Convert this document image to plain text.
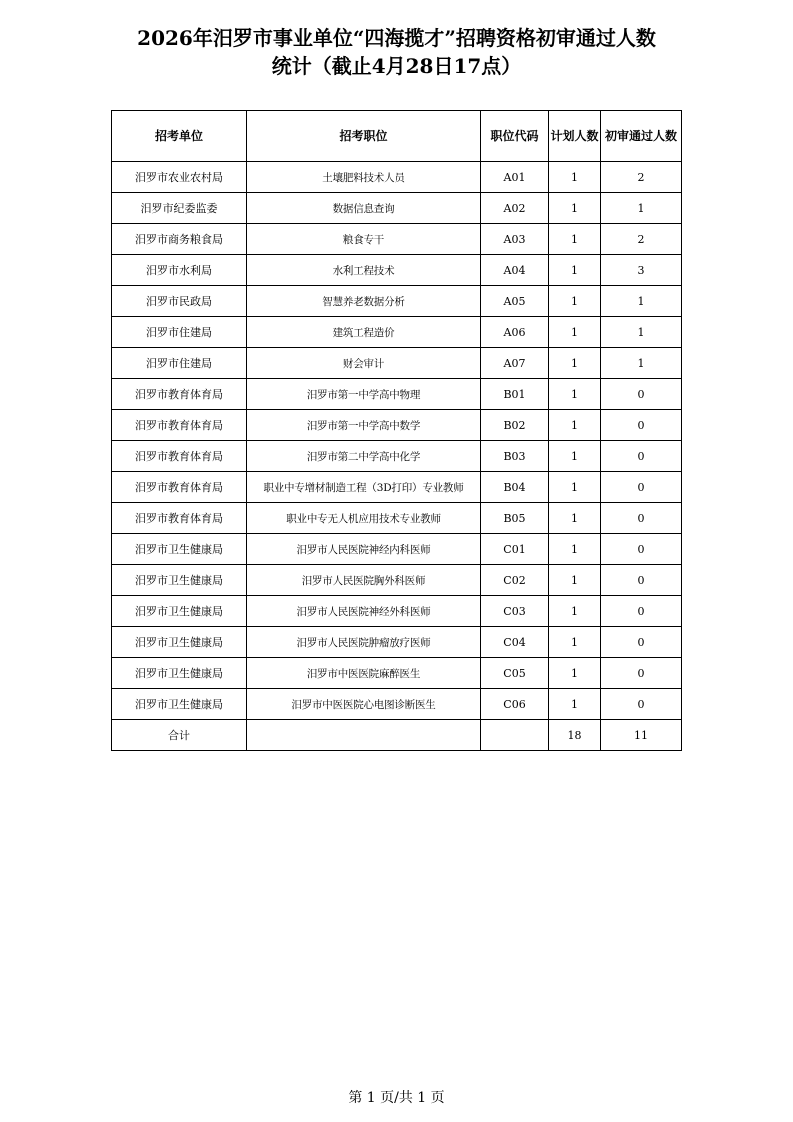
2026年汨罗市事业单位“四海揽才”招聘资格初审通过人数
统计（截止4月28日17点）
招考单位	招考职位	职位代码	计划人数	初审通过人数
汨罗市农业农村局	土壤肥料技术人员	A01	1	2
汨罗市纪委监委	数据信息查询	A02	1	1
汨罗市商务粮食局	粮食专干	A03	1	2
汨罗市水利局	水利工程技术	A04	1	3
汨罗市民政局	智慧养老数据分析	A05	1	1
汨罗市住建局	建筑工程造价	A06	1	1
汨罗市住建局	财会审计	A07	1	1
汨罗市教育体育局	汨罗市第一中学高中物理	B01	1	0
汨罗市教育体育局	汨罗市第一中学高中数学	B02	1	0
汨罗市教育体育局	汨罗市第二中学高中化学	B03	1	0
汨罗市教育体育局	职业中专增材制造工程（3D打印）专业教师	B04	1	0
汨罗市教育体育局	职业中专无人机应用技术专业教师	B05	1	0
汨罗市卫生健康局	汨罗市人民医院神经内科医师	C01	1	0
汨罗市卫生健康局	汨罗市人民医院胸外科医师	C02	1	0
汨罗市卫生健康局	汨罗市人民医院神经外科医师	C03	1	0
汨罗市卫生健康局	汨罗市人民医院肿瘤放疗医师	C04	1	0
汨罗市卫生健康局	汨罗市中医医院麻醉医生	C05	1	0
汨罗市卫生健康局	汨罗市中医医院心电图诊断医生	C06	1	0
合计			18	11
第 1 页/共 1 页
